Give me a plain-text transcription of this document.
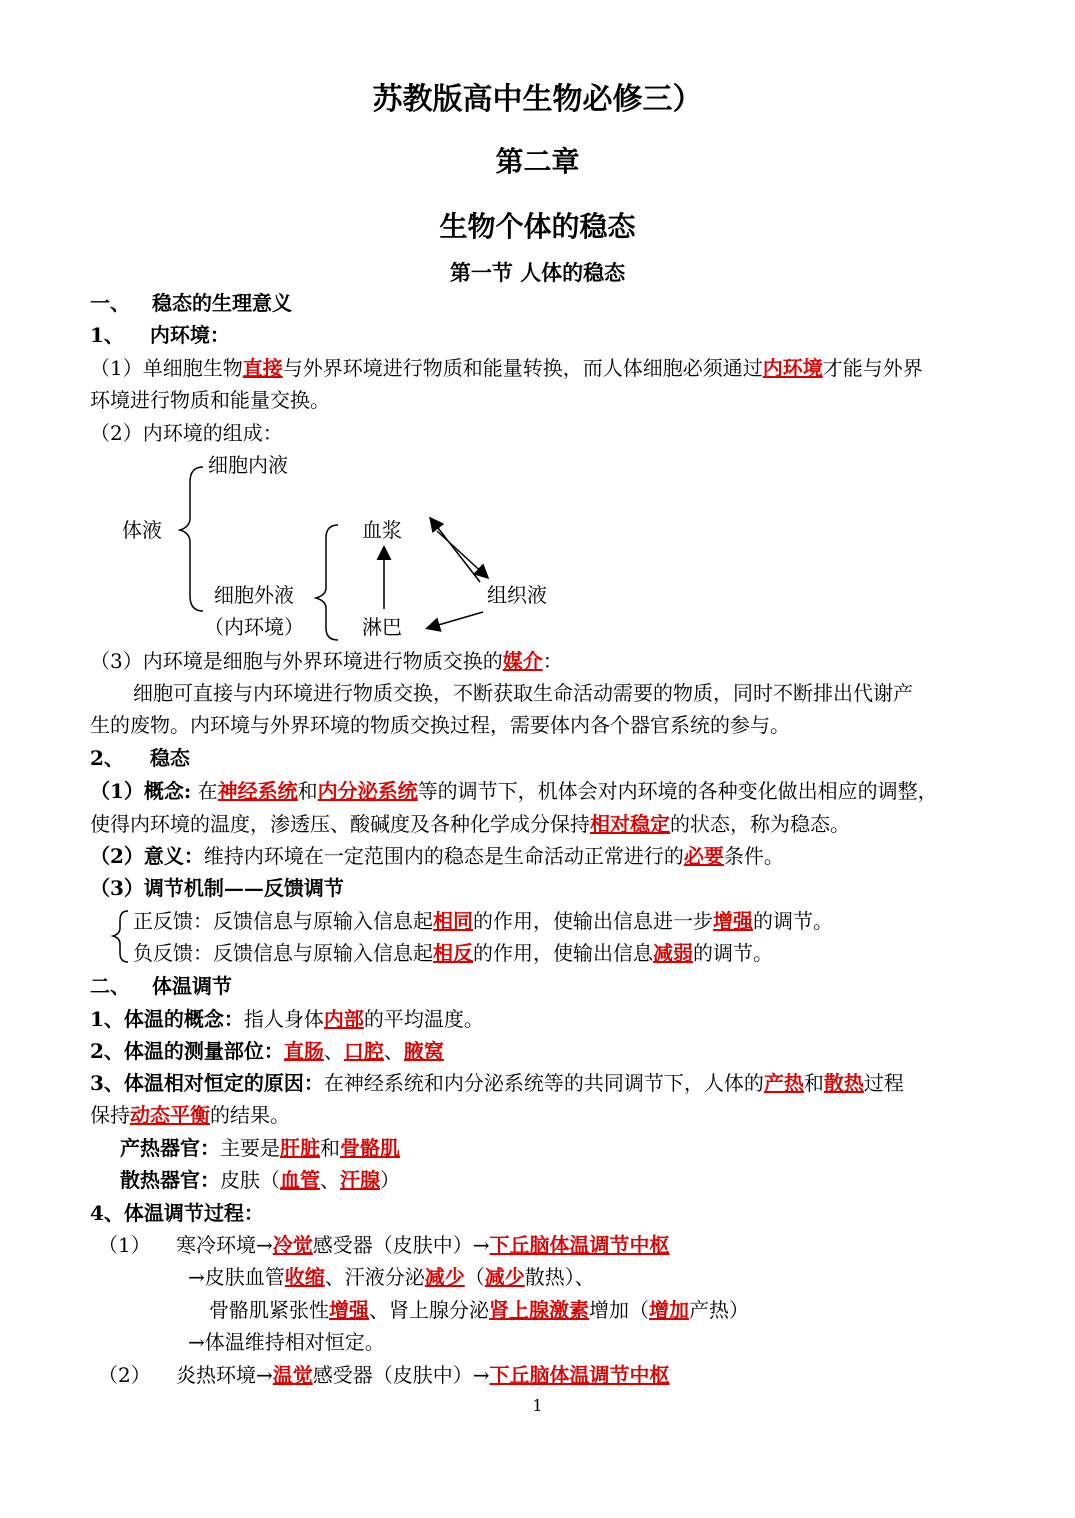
苏教版高中生物必修三）
第二章
生物个体的稳态
第一节 人体的稳态
一、 稳态的生理意义
1、 内环境：
（1）单细胞生物直接与外界环境进行物质和能量转换，而人体细胞必须通过内环境才能与外界
环境进行物质和能量交换。
（2）内环境的组成：
细胞内液
体液	血浆
细胞外液	组织液
（内环境）	淋巴
（3）内环境是细胞与外界环境进行物质交换的媒介：
细胞可直接与内环境进行物质交换，不断获取生命活动需要的物质，同时不断排出代谢产
生的废物。内环境与外界环境的物质交换过程，需要体内各个器官系统的参与。
2、 稳态
（1）概念: 在神经系统和内分泌系统等的调节下，机体会对内环境的各种变化做出相应的调整，
使得内环境的温度，渗透压、酸碱度及各种化学成分保持相对稳定的状态，称为稳态。
（2）意义：维持内环境在一定范围内的稳态是生命活动正常进行的必要条件。
（3）调节机制——反馈调节
正反馈：反馈信息与原输入信息起相同的作用，使输出信息进一步增强的调节。
负反馈：反馈信息与原输入信息起相反的作用，使输出信息减弱的调节。
二、 体温调节
1、体温的概念：指人身体内部的平均温度。
2、体温的测量部位：直肠、口腔、腋窝
3、体温相对恒定的原因：在神经系统和内分泌系统等的共同调节下，人体的产热和散热过程
保持动态平衡的结果。
产热器官：主要是肝脏和骨骼肌
散热器官：皮肤（血管、汗腺）
4、体温调节过程：
（1） 寒冷环境→冷觉感受器（皮肤中）→下丘脑体温调节中枢
→皮肤血管收缩、汗液分泌减少（减少散热）、
骨骼肌紧张性增强、肾上腺分泌肾上腺激素增加（增加产热）
→体温维持相对恒定。
（2） 炎热环境→温觉感受器（皮肤中）→下丘脑体温调节中枢
1
